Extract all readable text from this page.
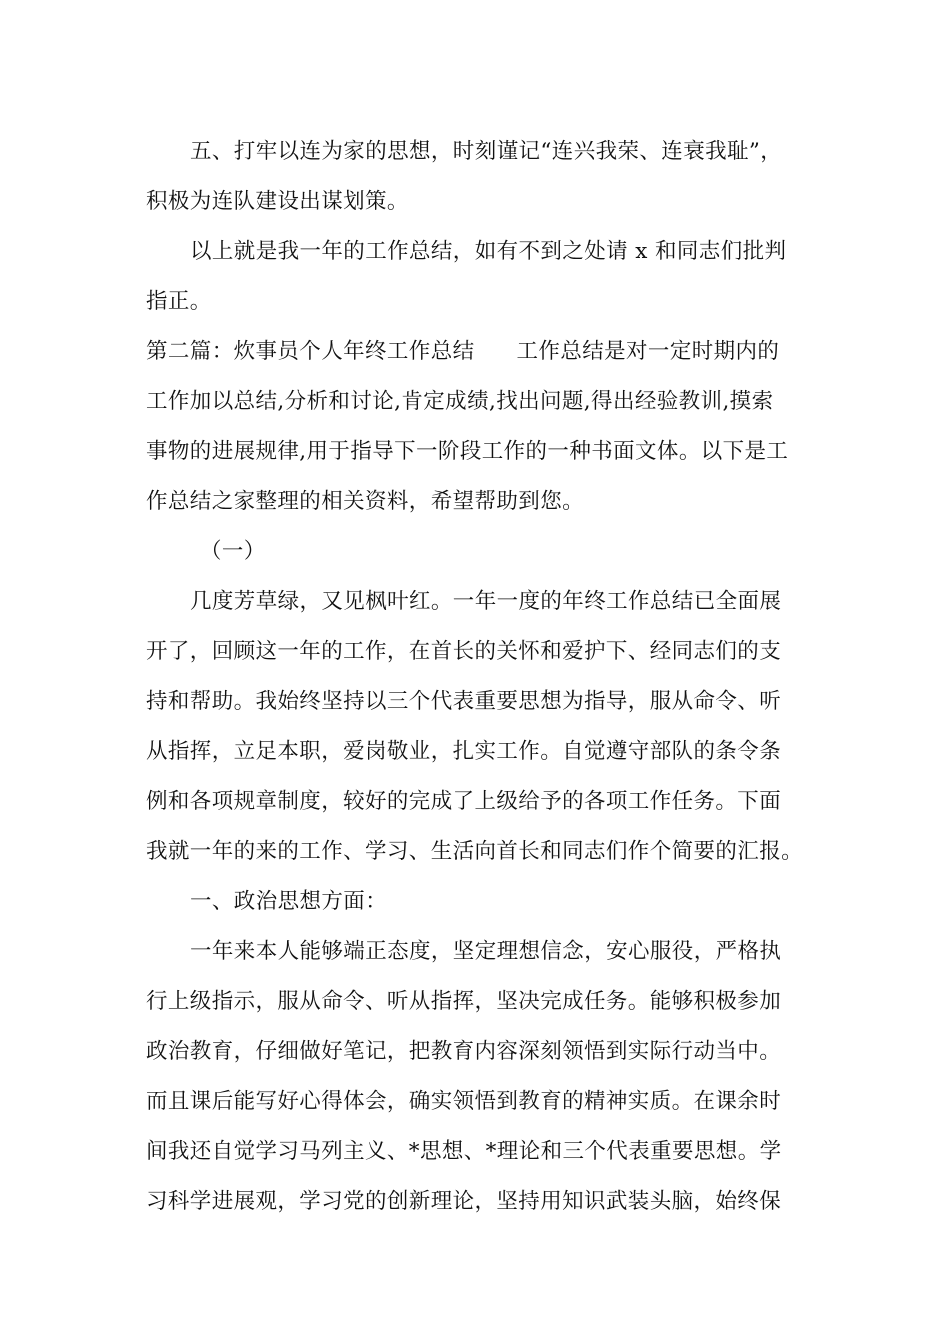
五、打牢以连为家的思想，时刻谨记“连兴我荣、连衰我耻”，
积极为连队建设出谋划策。
以上就是我一年的工作总结，如有不到之处请 x 和同志们批判
指正。
第二篇：炊事员个人年终工作总结 工作总结是对一定时期内的
工作加以总结,分析和讨论,肯定成绩,找出问题,得出经验教训,摸索
事物的进展规律,用于指导下一阶段工作的一种书面文体。以下是工
作总结之家整理的相关资料，希望帮助到您。
（一）
几度芳草绿，又见枫叶红。一年一度的年终工作总结已全面展
开了，回顾这一年的工作，在首长的关怀和爱护下、经同志们的支
持和帮助。我始终坚持以三个代表重要思想为指导，服从命令、听
从指挥，立足本职，爱岗敬业，扎实工作。自觉遵守部队的条令条
例和各项规章制度，较好的完成了上级给予的各项工作任务。下面
我就一年的来的工作、学习、生活向首长和同志们作个简要的汇报。
一、政治思想方面：
一年来本人能够端正态度，坚定理想信念，安心服役，严格执
行上级指示，服从命令、听从指挥，坚决完成任务。能够积极参加
政治教育，仔细做好笔记，把教育内容深刻领悟到实际行动当中。
而且课后能写好心得体会，确实领悟到教育的精神实质。在课余时
间我还自觉学习马列主义、*思想、*理论和三个代表重要思想。学
习科学进展观，学习党的创新理论，坚持用知识武装头脑，始终保
